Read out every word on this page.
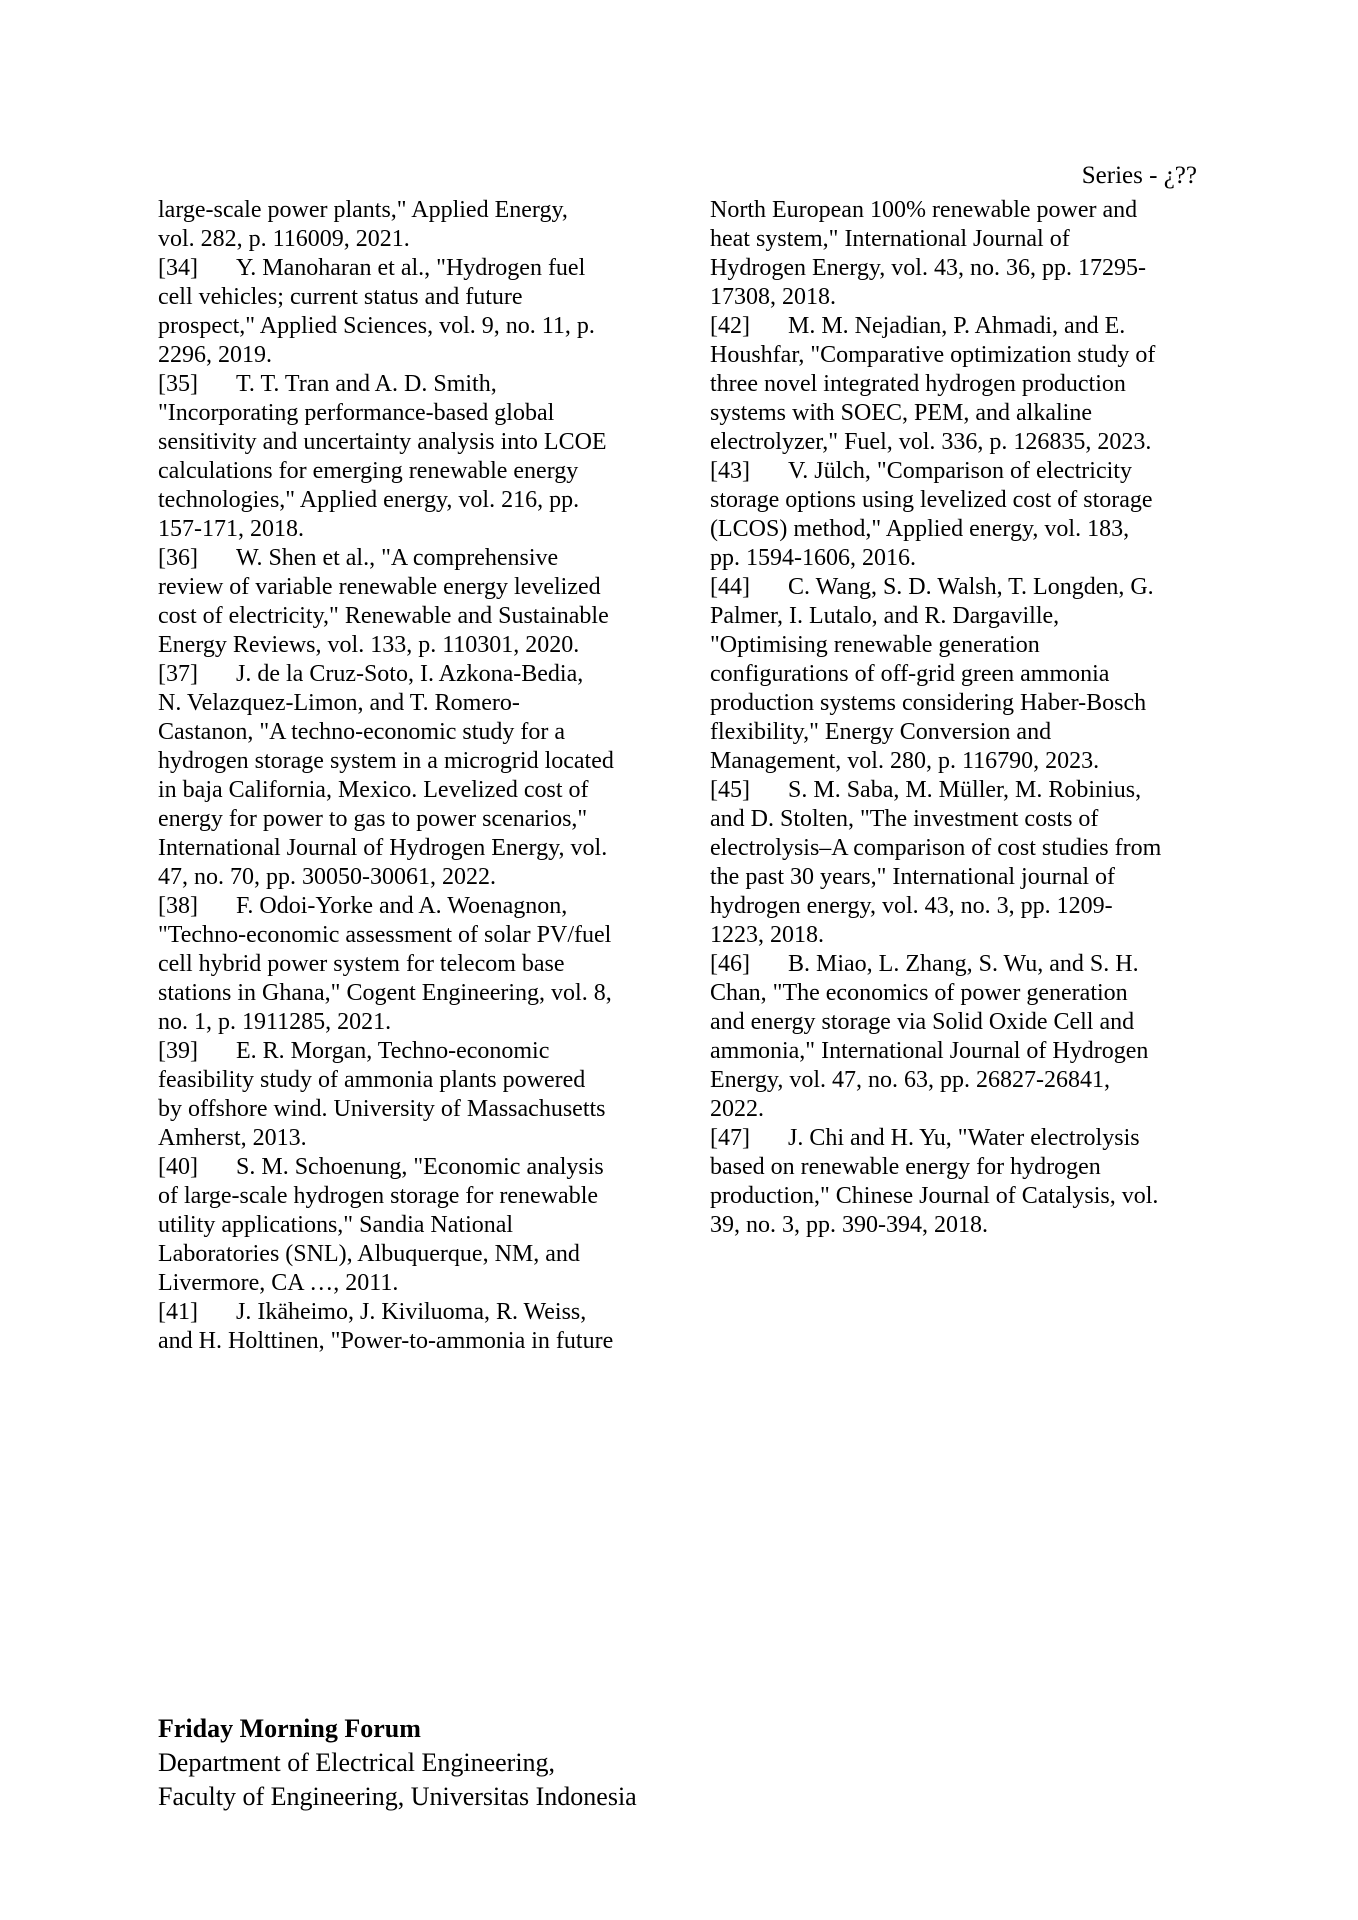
Series - ¿??
large-scale power plants," Applied Energy,
vol. 282, p. 116009, 2021.
[34]	Y. Manoharan et al., "Hydrogen fuel
cell vehicles; current status and future
prospect," Applied Sciences, vol. 9, no. 11, p.
2296, 2019.
[35]	T. T. Tran and A. D. Smith,
"Incorporating performance-based global
sensitivity and uncertainty analysis into LCOE
calculations for emerging renewable energy
technologies," Applied energy, vol. 216, pp.
157-171, 2018.
[36]	W. Shen et al., "A comprehensive
review of variable renewable energy levelized
cost of electricity," Renewable and Sustainable
Energy Reviews, vol. 133, p. 110301, 2020.
[37]	J. de la Cruz-Soto, I. Azkona-Bedia,
N. Velazquez-Limon, and T. Romero-
Castanon, "A techno-economic study for a
hydrogen storage system in a microgrid located
in baja California, Mexico. Levelized cost of
energy for power to gas to power scenarios,"
International Journal of Hydrogen Energy, vol.
47, no. 70, pp. 30050-30061, 2022.
[38]	F. Odoi-Yorke and A. Woenagnon,
"Techno-economic assessment of solar PV/fuel
cell hybrid power system for telecom base
stations in Ghana," Cogent Engineering, vol. 8,
no. 1, p. 1911285, 2021.
[39]	E. R. Morgan, Techno-economic
feasibility study of ammonia plants powered
by offshore wind. University of Massachusetts
Amherst, 2013.
[40]	S. M. Schoenung, "Economic analysis
of large-scale hydrogen storage for renewable
utility applications," Sandia National
Laboratories (SNL), Albuquerque, NM, and
Livermore, CA …, 2011.
[41]	J. Ikäheimo, J. Kiviluoma, R. Weiss,
and H. Holttinen, "Power-to-ammonia in future
North European 100% renewable power and
heat system," International Journal of
Hydrogen Energy, vol. 43, no. 36, pp. 17295-
17308, 2018.
[42]	M. M. Nejadian, P. Ahmadi, and E.
Houshfar, "Comparative optimization study of
three novel integrated hydrogen production
systems with SOEC, PEM, and alkaline
electrolyzer," Fuel, vol. 336, p. 126835, 2023.
[43]	V. Jülch, "Comparison of electricity
storage options using levelized cost of storage
(LCOS) method," Applied energy, vol. 183,
pp. 1594-1606, 2016.
[44]	C. Wang, S. D. Walsh, T. Longden, G.
Palmer, I. Lutalo, and R. Dargaville,
"Optimising renewable generation
configurations of off-grid green ammonia
production systems considering Haber-Bosch
flexibility," Energy Conversion and
Management, vol. 280, p. 116790, 2023.
[45]	S. M. Saba, M. Müller, M. Robinius,
and D. Stolten, "The investment costs of
electrolysis–A comparison of cost studies from
the past 30 years," International journal of
hydrogen energy, vol. 43, no. 3, pp. 1209-
1223, 2018.
[46]	B. Miao, L. Zhang, S. Wu, and S. H.
Chan, "The economics of power generation
and energy storage via Solid Oxide Cell and
ammonia," International Journal of Hydrogen
Energy, vol. 47, no. 63, pp. 26827-26841,
2022.
[47]	J. Chi and H. Yu, "Water electrolysis
based on renewable energy for hydrogen
production," Chinese Journal of Catalysis, vol.
39, no. 3, pp. 390-394, 2018.
Friday Morning Forum
Department of Electrical Engineering,
Faculty of Engineering, Universitas Indonesia
